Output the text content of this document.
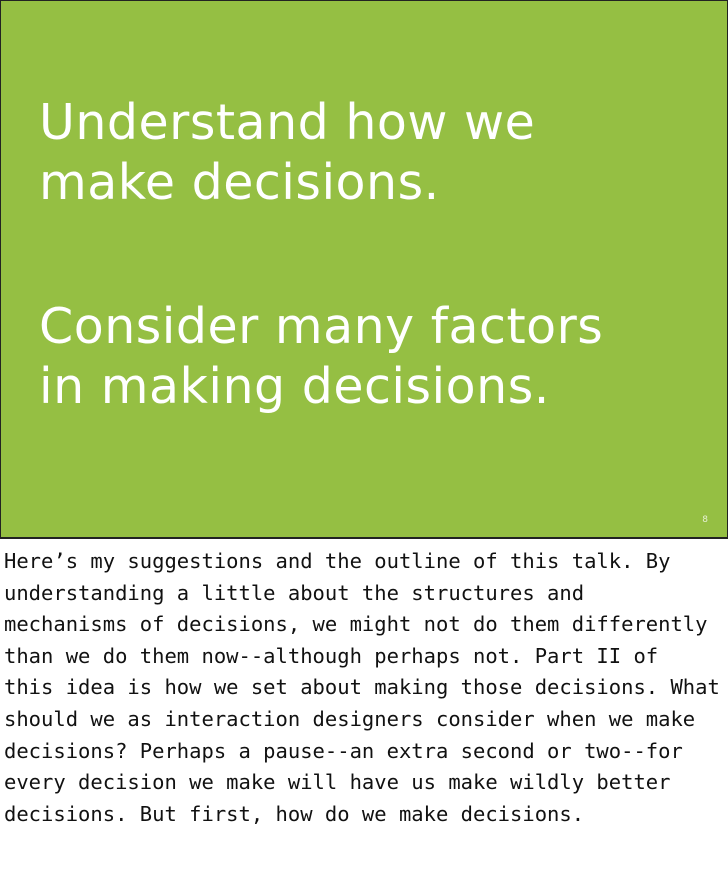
Understand how we
make decisions.

Consider many factors
in making decisions.

8

Here’s my suggestions and the outline of this talk. By
understanding a little about the structures and
mechanisms of decisions, we might not do them differently
than we do them now--although perhaps not. Part II of
this idea is how we set about making those decisions. What
should we as interaction designers consider when we make
decisions? Perhaps a pause--an extra second or two--for
every decision we make will have us make wildly better
decisions. But first, how do we make decisions.
